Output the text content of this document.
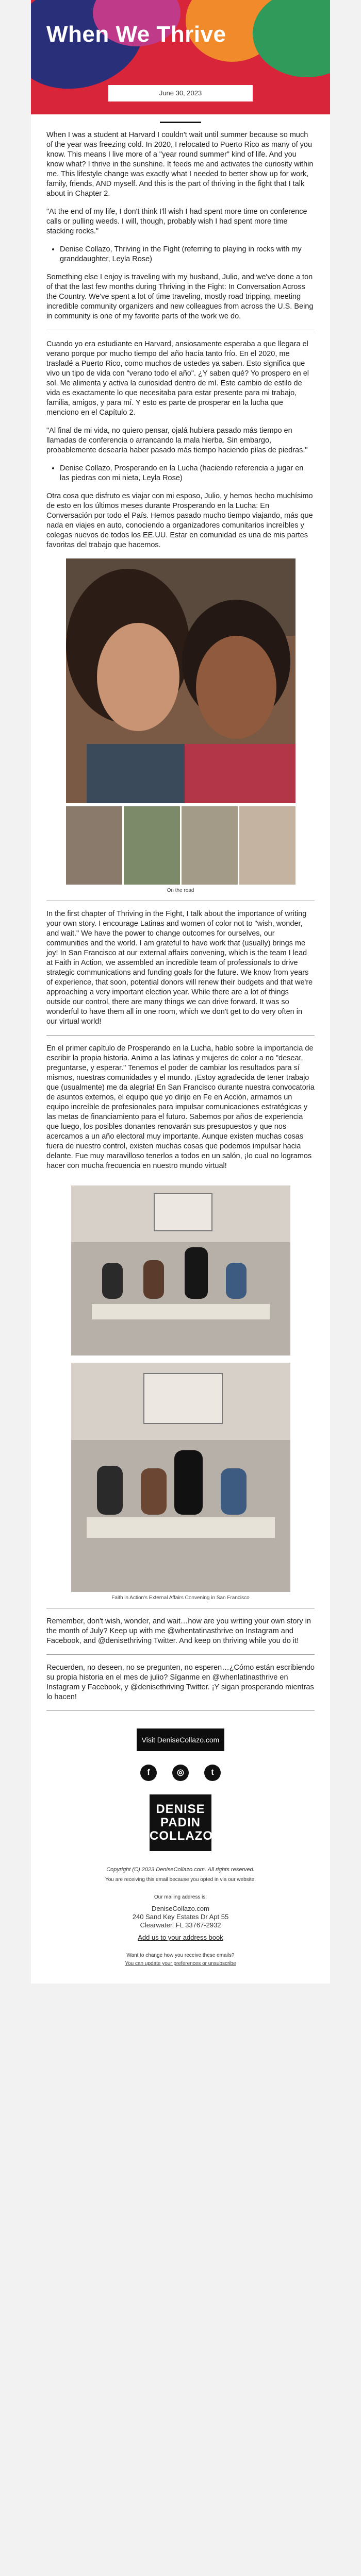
When We Thrive
June 30, 2023

When I was a student at Harvard I couldn't wait until summer because so much of the year was freezing cold. In 2020, I relocated to Puerto Rico as many of you know. This means I live more of a "year round summer" kind of life. And you know what? I thrive in the sunshine. It feeds me and activates the curiosity within me. This lifestyle change was exactly what I needed to better show up for work, family, friends, AND myself. And this is the part of thriving in the fight that I talk about in Chapter 2.

"At the end of my life, I don't think I'll wish I had spent more time on conference calls or pulling weeds. I will, though, probably wish I had spent more time stacking rocks."

• Denise Collazo, Thriving in the Fight (referring to playing in rocks with my granddaughter, Leyla Rose)

Something else I enjoy is traveling with my husband, Julio, and we've done a ton of that the last few months during Thriving in the Fight: In Conversation Across the Country. We've spent a lot of time traveling, mostly road tripping, meeting incredible community organizers and new colleagues from across the U.S. Being in community is one of my favorite parts of the work we do.

Cuando yo era estudiante en Harvard, ansiosamente esperaba a que llegara el verano porque por mucho tiempo del año hacía tanto frío. En el 2020, me trasladé a Puerto Rico, como muchos de ustedes ya saben. Esto significa que vivo un tipo de vida con "verano todo el año". ¿Y saben qué? Yo prospero en el sol. Me alimenta y activa la curiosidad dentro de mí. Este cambio de estilo de vida es exactamente lo que necesitaba para estar presente para mi trabajo, familia, amigos, y para mí. Y esto es parte de prosperar en la lucha que menciono en el Capítulo 2.

"Al final de mi vida, no quiero pensar, ojalá hubiera pasado más tiempo en llamadas de conferencia o arrancando la mala hierba. Sin embargo, probablemente desearía haber pasado más tiempo haciendo pilas de piedras."

• Denise Collazo, Prosperando en la Lucha (haciendo referencia a jugar en las piedras con mi nieta, Leyla Rose)

Otra cosa que disfruto es viajar con mi esposo, Julio, y hemos hecho muchísimo de esto en los últimos meses durante Prosperando en la Lucha: En Conversación por todo el País. Hemos pasado mucho tiempo viajando, más que nada en viajes en auto, conociendo a organizadores comunitarios increíbles y colegas nuevos de todos los EE.UU. Estar en comunidad es una de mis partes favoritas del trabajo que hacemos.

On the road

In the first chapter of Thriving in the Fight, I talk about the importance of writing your own story. I encourage Latinas and women of color not to "wish, wonder, and wait." We have the power to change outcomes for ourselves, our communities and the world. I am grateful to have work that (usually) brings me joy! In San Francisco at our external affairs convening, which is the team I lead at Faith in Action, we assembled an incredible team of professionals to drive strategic communications and funding goals for the future. We know from years of experience, that soon, potential donors will renew their budgets and that we're approaching a very important election year. While there are a lot of things outside our control, there are many things we can drive forward. It was so wonderful to have them all in one room, which we don't get to do very often in our virtual world!

En el primer capítulo de Prosperando en la Lucha, hablo sobre la importancia de escribir la propia historia. Animo a las latinas y mujeres de color a no "desear, preguntarse, y esperar." Tenemos el poder de cambiar los resultados para sí mismos, nuestras comunidades y el mundo. ¡Estoy agradecida de tener trabajo que (usualmente) me da alegría! En San Francisco durante nuestra convocatoria de asuntos externos, el equipo que yo dirijo en Fe en Acción, armamos un equipo increíble de profesionales para impulsar comunicaciones estratégicas y las metas de financiamiento para el futuro. Sabemos por años de experiencia que luego, los posibles donantes renovarán sus presupuestos y que nos acercamos a un año electoral muy importante. Aunque existen muchas cosas fuera de nuestro control, existen muchas cosas que podemos impulsar hacia delante. Fue muy maravilloso tenerlos a todos en un salón, ¡lo cual no logramos hacer con mucha frecuencia en nuestro mundo virtual!

Faith in Action's External Affairs Convening in San Francisco

Remember, don't wish, wonder, and wait…how are you writing your own story in the month of July? Keep up with me @whentatinasthrive on Instagram and Facebook, and @denisethriving Twitter. And keep on thriving while you do it!

Recuerden, no deseen, no se pregunten, no esperen…¿Cómo están escribiendo su propia historia en el mes de julio? Síganme en @whenlatinasthrive en Instagram y Facebook, y @denisethriving Twitter. ¡Y sigan prosperando mientras lo hacen!

Visit DeniseCollazo.com
f	◎	t
DENISE
PADIN
COLLAZO
Copyright (C) 2023 DeniseCollazo.com. All rights reserved.
You are receiving this email because you opted in via our website.
Our mailing address is:
DeniseCollazo.com
240 Sand Key Estates Dr Apt 55
Clearwater, FL 33767-2932
Add us to your address book
Want to change how you receive these emails?
You can update your preferences or unsubscribe
